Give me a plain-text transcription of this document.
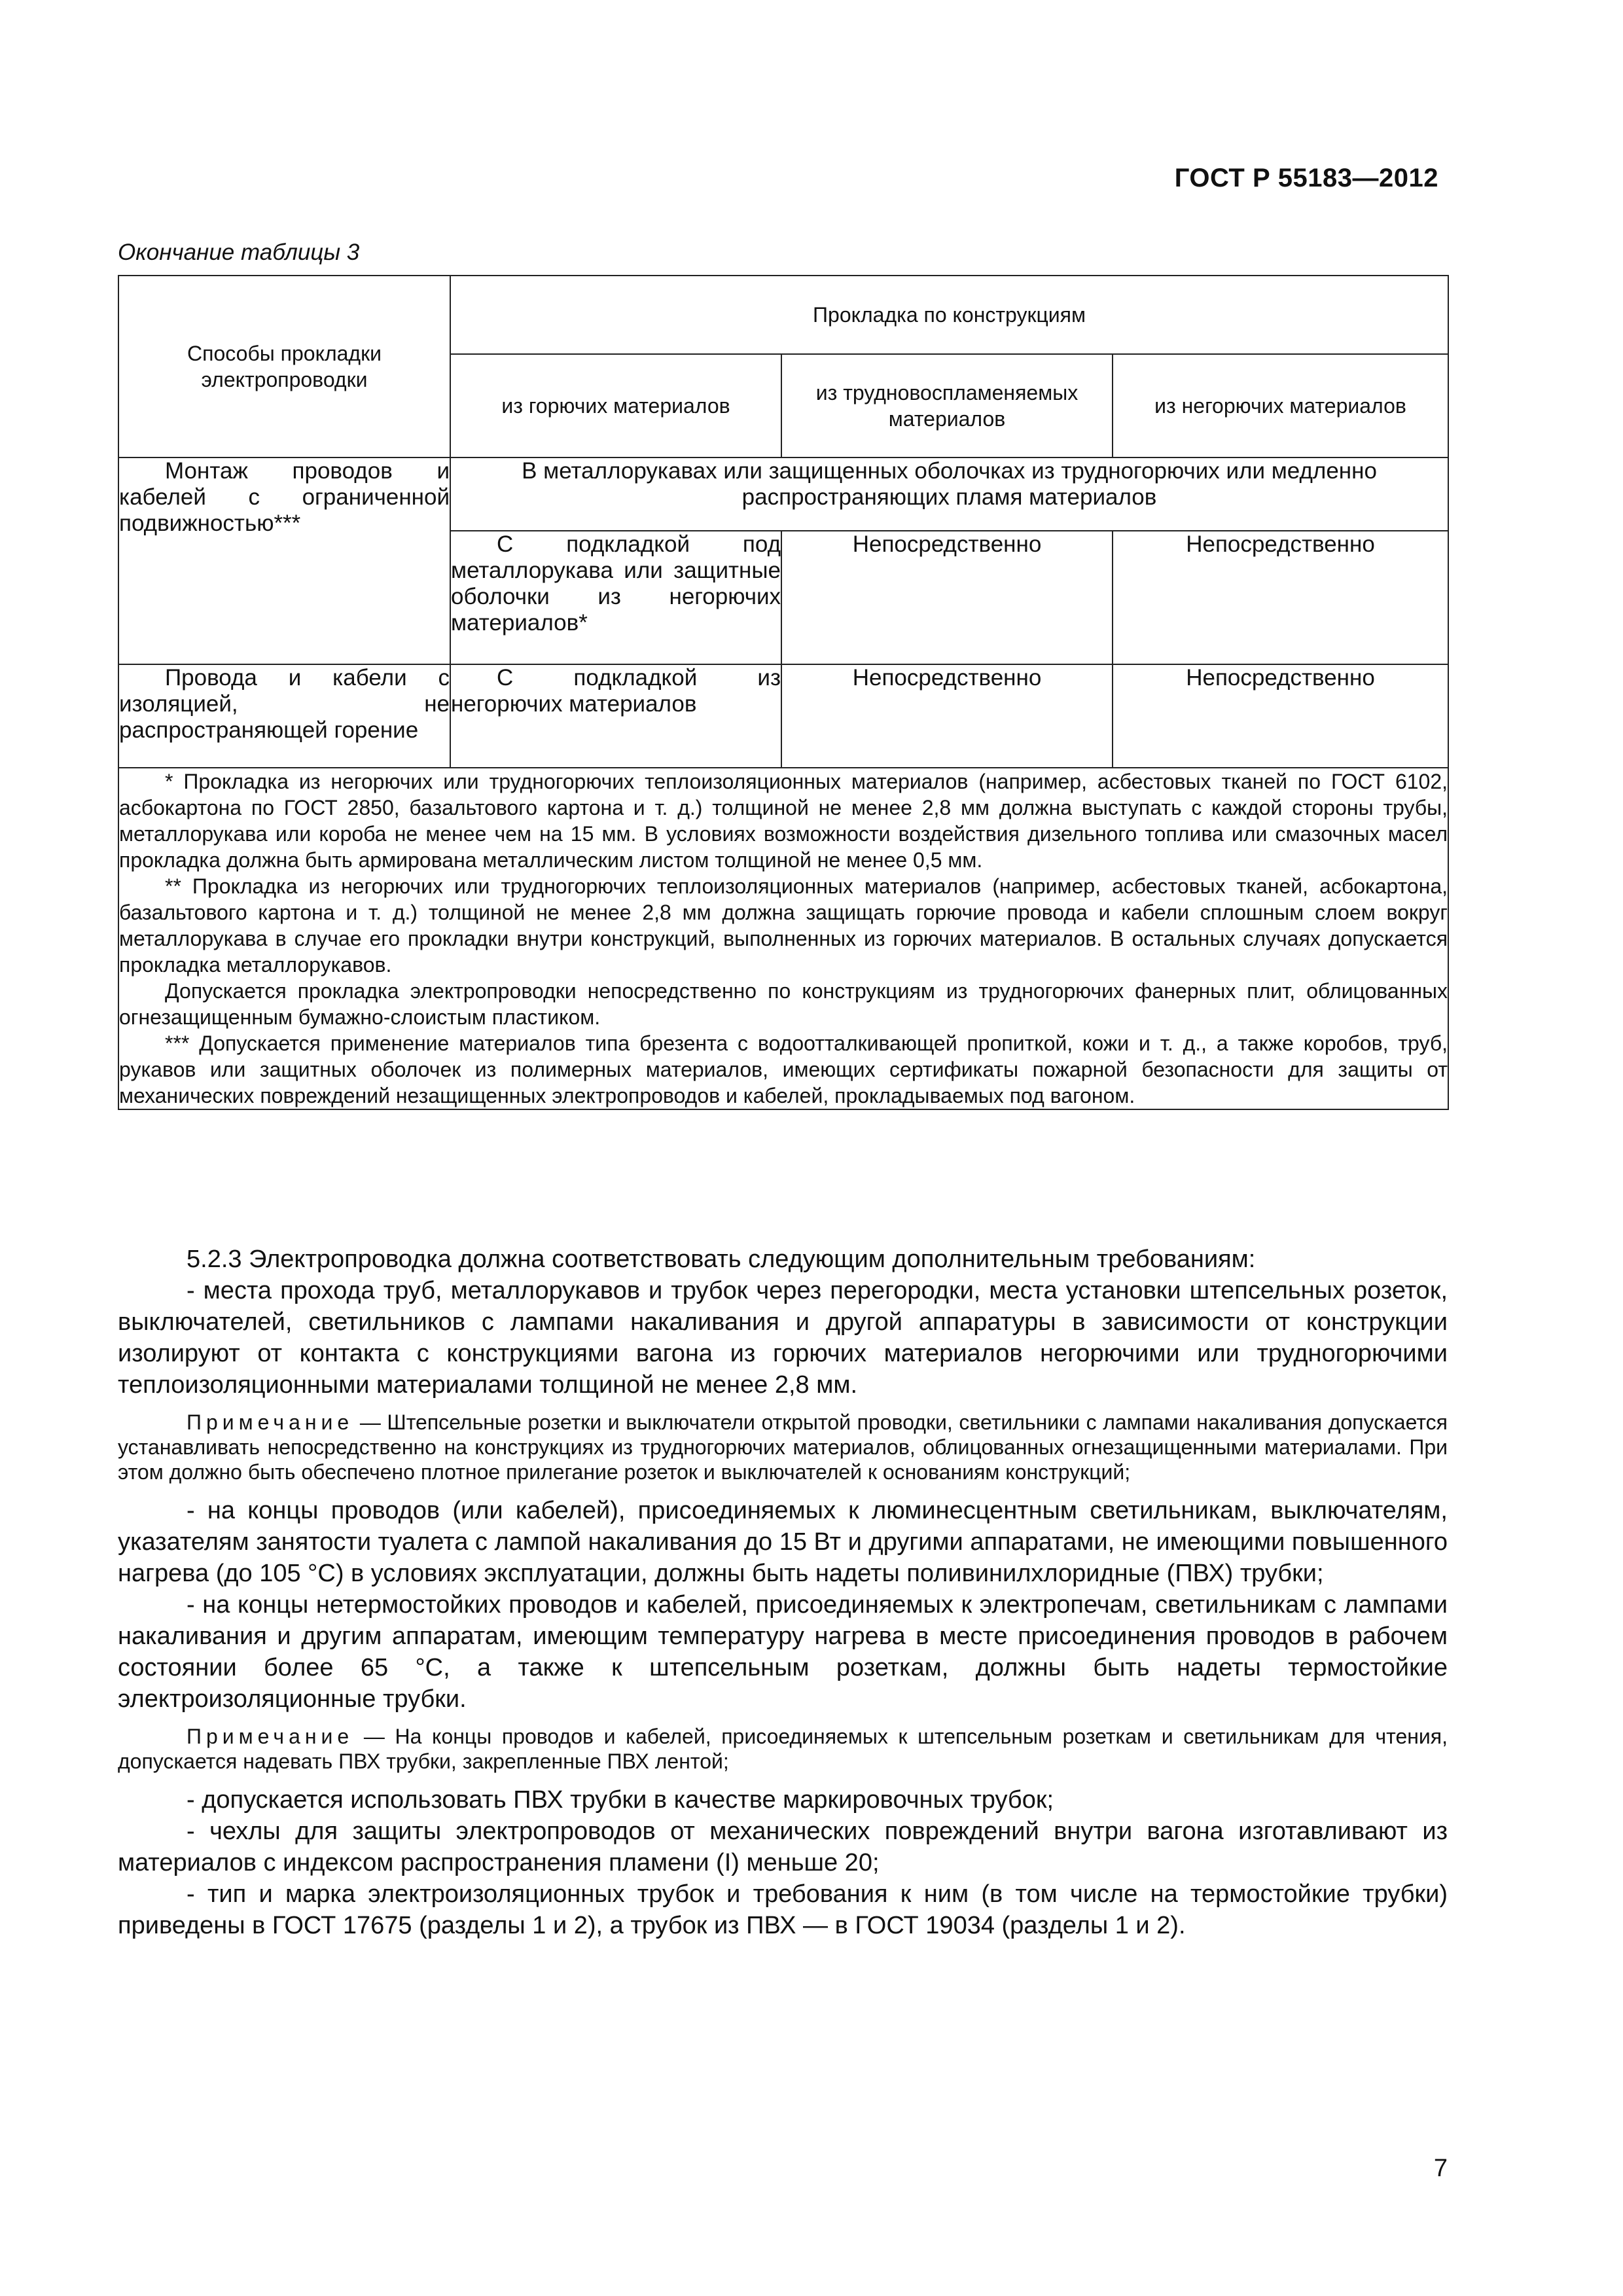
ГОСТ Р 55183—2012
Окончание таблицы 3
Способы прокладки электропроводки	Прокладка по конструкциям		

	из горючих материалов	из трудновоспламеняемых материалов	из негорючих материалов

Монтаж проводов и кабелей с ограниченной подвижностью***	В металлорукавах или защищенных оболочках из трудногорючих или медленно распространяющих пламя материалов		
	С подкладкой под металлорукава или защитные оболочки из негорючих материалов*	Непосредственно	Непосредственно
Провода и кабели с изоляцией, не распространяющей горение	С подкладкой из негорючих материалов	Непосредственно	Непосредственно

* Прокладка из негорючих или трудногорючих теплоизоляционных материалов (например, асбестовых тканей по ГОСТ 6102, асбокартона по ГОСТ 2850, базальтового картона и т. д.) толщиной не менее 2,8 мм должна выступать с каждой стороны трубы, металлорукава или короба не менее чем на 15 мм. В условиях возможности воздействия дизельного топлива или смазочных масел прокладка должна быть армирована металлическим листом толщиной не менее 0,5 мм.

** Прокладка из негорючих или трудногорючих теплоизоляционных материалов (например, асбестовых тканей, асбокартона, базальтового картона и т. д.) толщиной не менее 2,8 мм должна защищать горючие провода и кабели сплошным слоем вокруг металлорукава в случае его прокладки внутри конструкций, выполненных из горючих материалов. В остальных случаях допускается прокладка металлорукавов.

Допускается прокладка электропроводки непосредственно по конструкциям из трудногорючих фанерных плит, облицованных огнезащищенным бумажно-слоистым пластиком.

*** Допускается применение материалов типа брезента с водоотталкивающей пропиткой, кожи и т. д., а также коробов, труб, рукавов или защитных оболочек из полимерных материалов, имеющих сертификаты пожарной безопасности для защиты от механических повреждений незащищенных электропроводов и кабелей, прокладываемых под вагоном.			

5.2.3 Электропроводка должна соответствовать следующим дополнительным требованиям:

- места прохода труб, металлорукавов и трубок через перегородки, места установки штепсельных розеток, выключателей, светильников с лампами накаливания и другой аппаратуры в зависимости от конструкции изолируют от контакта с конструкциями вагона из горючих материалов негорючими или трудногорючими теплоизоляционными материалами толщиной не менее 2,8 мм.

Примечание — Штепсельные розетки и выключатели открытой проводки, светильники с лампами накаливания допускается устанавливать непосредственно на конструкциях из трудногорючих материалов, облицованных огнезащищенными материалами. При этом должно быть обеспечено плотное прилегание розеток и выключателей к основаниям конструкций;

- на концы проводов (или кабелей), присоединяемых к люминесцентным светильникам, выключателям, указателям занятости туалета с лампой накаливания до 15 Вт и другими аппаратами, не имеющими повышенного нагрева (до 105 °С) в условиях эксплуатации, должны быть надеты поливинилхлоридные (ПВХ) трубки;

- на концы нетермостойких проводов и кабелей, присоединяемых к электропечам, светильникам с лампами накаливания и другим аппаратам, имеющим температуру нагрева в месте присоединения проводов в рабочем состоянии более 65 °С, а также к штепсельным розеткам, должны быть надеты термостойкие электроизоляционные трубки.

Примечание — На концы проводов и кабелей, присоединяемых к штепсельным розеткам и светильникам для чтения, допускается надевать ПВХ трубки, закрепленные ПВХ лентой;

- допускается использовать ПВХ трубки в качестве маркировочных трубок;

- чехлы для защиты электропроводов от механических повреждений внутри вагона изготавливают из материалов с индексом распространения пламени (I) меньше 20;

- тип и марка электроизоляционных трубок и требования к ним (в том числе на термостойкие трубки) приведены в ГОСТ 17675 (разделы 1 и 2), а трубок из ПВХ — в ГОСТ 19034 (разделы 1 и 2).

7
